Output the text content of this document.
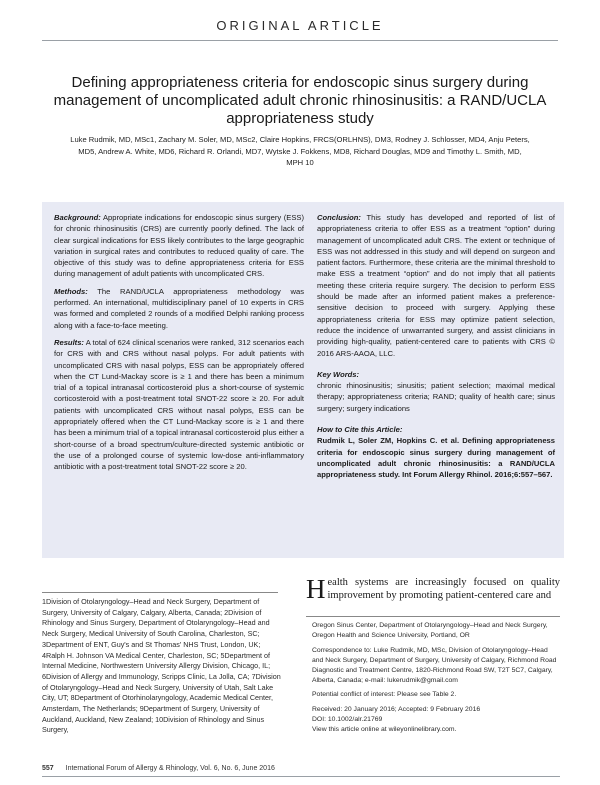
ORIGINAL ARTICLE
Defining appropriateness criteria for endoscopic sinus surgery during management of uncomplicated adult chronic rhinosinusitis: a RAND/UCLA appropriateness study
Luke Rudmik, MD, MSc1, Zachary M. Soler, MD, MSc2, Claire Hopkins, FRCS(ORLHNS), DM3, Rodney J. Schlosser, MD4, Anju Peters, MD5, Andrew A. White, MD6, Richard R. Orlandi, MD7, Wytske J. Fokkens, MD8, Richard Douglas, MD9 and Timothy L. Smith, MD, MPH 10

Background: Appropriate indications for endoscopic sinus surgery (ESS) for chronic rhinosinusitis (CRS) are currently poorly defined. The lack of clear surgical indications for ESS likely contributes to the large geographic variation in surgical rates and contributes to reduced quality of care. The objective of this study was to define appropriateness criteria for ESS during management of adult patients with uncomplicated CRS.

Methods: The RAND/UCLA appropriateness methodology was performed. An international, multidisciplinary panel of 10 experts in CRS was formed and completed 2 rounds of a modified Delphi ranking process along with a face-to-face meeting.

Results: A total of 624 clinical scenarios were ranked, 312 scenarios each for CRS with and CRS without nasal polyps. For adult patients with uncomplicated CRS with nasal polyps, ESS can be appropriately offered when the CT Lund-Mackay score is ≥ 1 and there has been a minimum trial of a topical intranasal corticosteroid plus a short-course of systemic corticosteroid with a post-treatment total SNOT-22 score ≥ 20. For adult patients with uncomplicated CRS without nasal polyps, ESS can be appropriately offered when the CT Lund-Mackay score is ≥ 1 and there has been a minimum trial of a topical intranasal corticosteroid plus either a short-course of a broad spectrum/culture-directed systemic antibiotic or the use of a prolonged course of systemic low-dose anti-inflammatory antibiotic with a post-treatment total SNOT-22 score ≥ 20.

Conclusion: This study has developed and reported of list of appropriateness criteria to offer ESS as a treatment “option” during management of uncomplicated adult CRS. The extent or technique of ESS was not addressed in this study and will depend on surgeon and patient factors. Furthermore, these criteria are the minimal threshold to make ESS a treatment “option” and do not imply that all patients meeting these criteria require surgery. The decision to perform ESS should be made after an informed patient makes a preference-sensitive decision to proceed with surgery. Applying these appropriateness criteria for ESS may optimize patient selection, reduce the incidence of unwarranted surgery, and assist clinicians in providing high-quality, patient-centered care to patients with CRS © 2016 ARS-AAOA, LLC.

Key Words:

chronic rhinosinusitis; sinusitis; patient selection; maximal medical therapy; appropriateness criteria; RAND; quality of health care; sinus surgery; surgery indications

How to Cite this Article:

Rudmik L, Soler ZM, Hopkins C. et al. Defining appropriateness criteria for endoscopic sinus surgery during management of uncomplicated adult chronic rhinosinusitis: a RAND/UCLA appropriateness study. Int Forum Allergy Rhinol. 2016;6:557–567.

1Division of Otolaryngology–Head and Neck Surgery, Department of Surgery, University of Calgary, Calgary, Alberta, Canada; 2Division of Rhinology and Sinus Surgery, Department of Otolaryngology–Head and Neck Surgery, Medical University of South Carolina, Charleston, SC; 3Department of ENT, Guy's and St Thomas' NHS Trust, London, UK; 4Ralph H. Johnson VA Medical Center, Charleston, SC; 5Department of Internal Medicine, Northwestern University Allergy Division, Chicago, IL; 6Division of Allergy and Immunology, Scripps Clinic, La Jolla, CA; 7Division of Otolaryngology–Head and Neck Surgery, University of Utah, Salt Lake City, UT; 8Department of Otorhinolaryngology, Academic Medical Center, Amsterdam, The Netherlands; 9Department of Surgery, University of Auckland, Auckland, New Zealand; 10Division of Rhinology and Sinus Surgery,
Health systems are increasingly focused on quality improvement by promoting patient-centered care and

Oregon Sinus Center, Department of Otolaryngology–Head and Neck Surgery, Oregon Health and Science University, Portland, OR

Correspondence to: Luke Rudmik, MD, MSc, Division of Otolaryngology–Head and Neck Surgery, Department of Surgery, University of Calgary, Richmond Road Diagnostic and Treatment Centre, 1820-Richmond Road SW, T2T 5C7, Calgary, Alberta, Canada; e-mail: lukerudmik@gmail.com

Potential conflict of interest: Please see Table 2.

Received: 20 January 2016; Accepted: 9 February 2016
DOI: 10.1002/alr.21769
View this article online at wileyonlinelibrary.com.
557 International Forum of Allergy & Rhinology, Vol. 6, No. 6, June 2016
